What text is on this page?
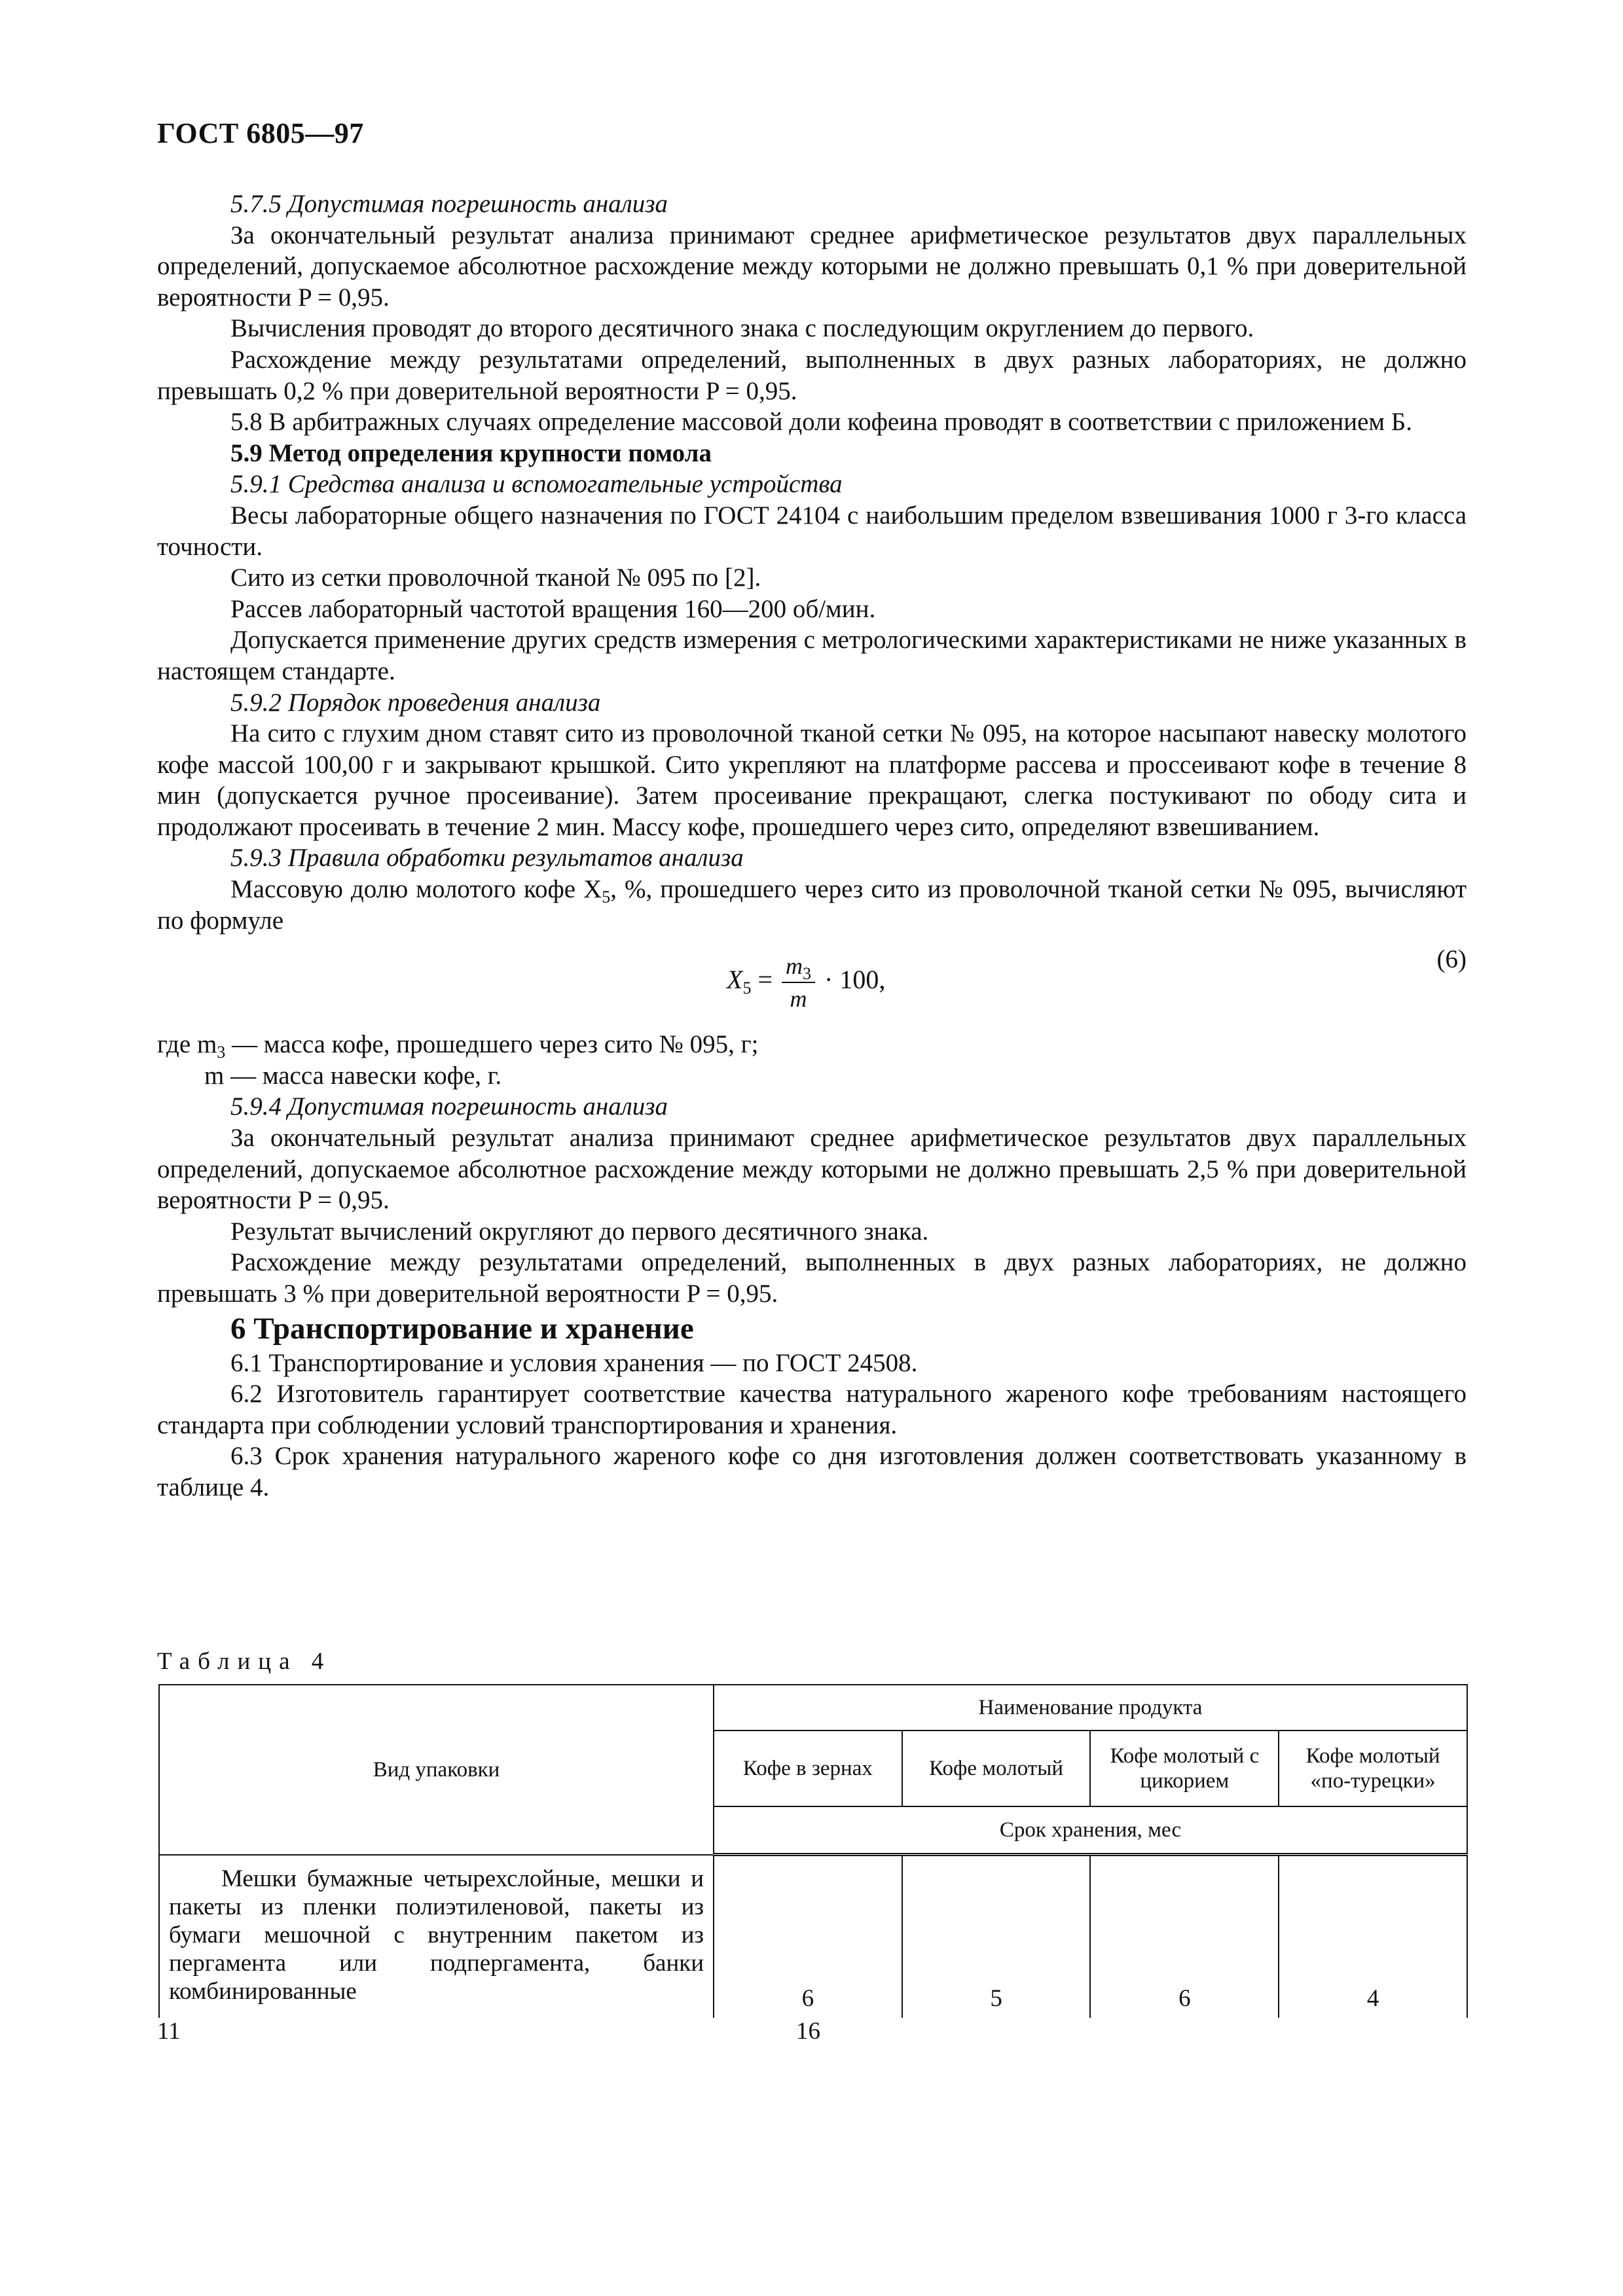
ГОСТ 6805—97

5.7.5 Допустимая погрешность анализа

За окончательный результат анализа принимают среднее арифметическое результатов двух параллельных определений, допускаемое абсолютное расхождение между которыми не должно превышать 0,1 % при доверительной вероятности P = 0,95.

Вычисления проводят до второго десятичного знака с последующим округлением до первого.

Расхождение между результатами определений, выполненных в двух разных лабораториях, не должно превышать 0,2 % при доверительной вероятности P = 0,95.

5.8 В арбитражных случаях определение массовой доли кофеина проводят в соответствии с приложением Б.

5.9 Метод определения крупности помола

5.9.1 Средства анализа и вспомогательные устройства

Весы лабораторные общего назначения по ГОСТ 24104 с наибольшим пределом взвешивания 1000 г 3-го класса точности.

Сито из сетки проволочной тканой № 095 по [2].

Рассев лабораторный частотой вращения 160—200 об/мин.

Допускается применение других средств измерения с метрологическими характеристиками не ниже указанных в настоящем стандарте.

5.9.2 Порядок проведения анализа

На сито с глухим дном ставят сито из проволочной тканой сетки № 095, на которое насыпают навеску молотого кофе массой 100,00 г и закрывают крышкой. Сито укрепляют на платформе рассева и проссеивают кофе в течение 8 мин (допускается ручное просеивание). Затем просеивание прекращают, слегка постукивают по ободу сита и продолжают просеивать в течение 2 мин. Массу кофе, прошедшего через сито, определяют взвешиванием.

5.9.3 Правила обработки результатов анализа

Массовую долю молотого кофе $X_5$, %, прошедшего через сито из проволочной тканой сетки № 095, вычисляют по формуле

$X_5 = \frac{m_3}{m} \cdot 100$,
(6)

где $m_3$ — масса кофе, прошедшего через сито № 095, г;

m — масса навески кофе, г.

5.9.4 Допустимая погрешность анализа

За окончательный результат анализа принимают среднее арифметическое результатов двух параллельных определений, допускаемое абсолютное расхождение между которыми не должно превышать 2,5 % при доверительной вероятности P = 0,95.

Результат вычислений округляют до первого десятичного знака.

Расхождение между результатами определений, выполненных в двух разных лабораториях, не должно превышать 3 % при доверительной вероятности P = 0,95.

6 Транспортирование и хранение

6.1 Транспортирование и условия хранения — по ГОСТ 24508.

6.2 Изготовитель гарантирует соответствие качества натурального жареного кофе требованиям настоящего стандарта при соблюдении условий транспортирования и хранения.

6.3 Срок хранения натурального жареного кофе со дня изготовления должен соответствовать указанному в таблице 4.

Таблица 4
Вид упаковки	Наименование продукта			
	Кофе в зернах	Кофе молотый	Кофе молотый с цикорием	Кофе молотый «по-турецки»
	Срок хранения, мес			
Мешки бумажные четырехслойные, мешки и пакеты из пленки полиэтиленовой, пакеты из бумаги мешочной с внутренним пакетом из пергамента или подпергамента, банки комбинированные	6	5	6	4
11	16
